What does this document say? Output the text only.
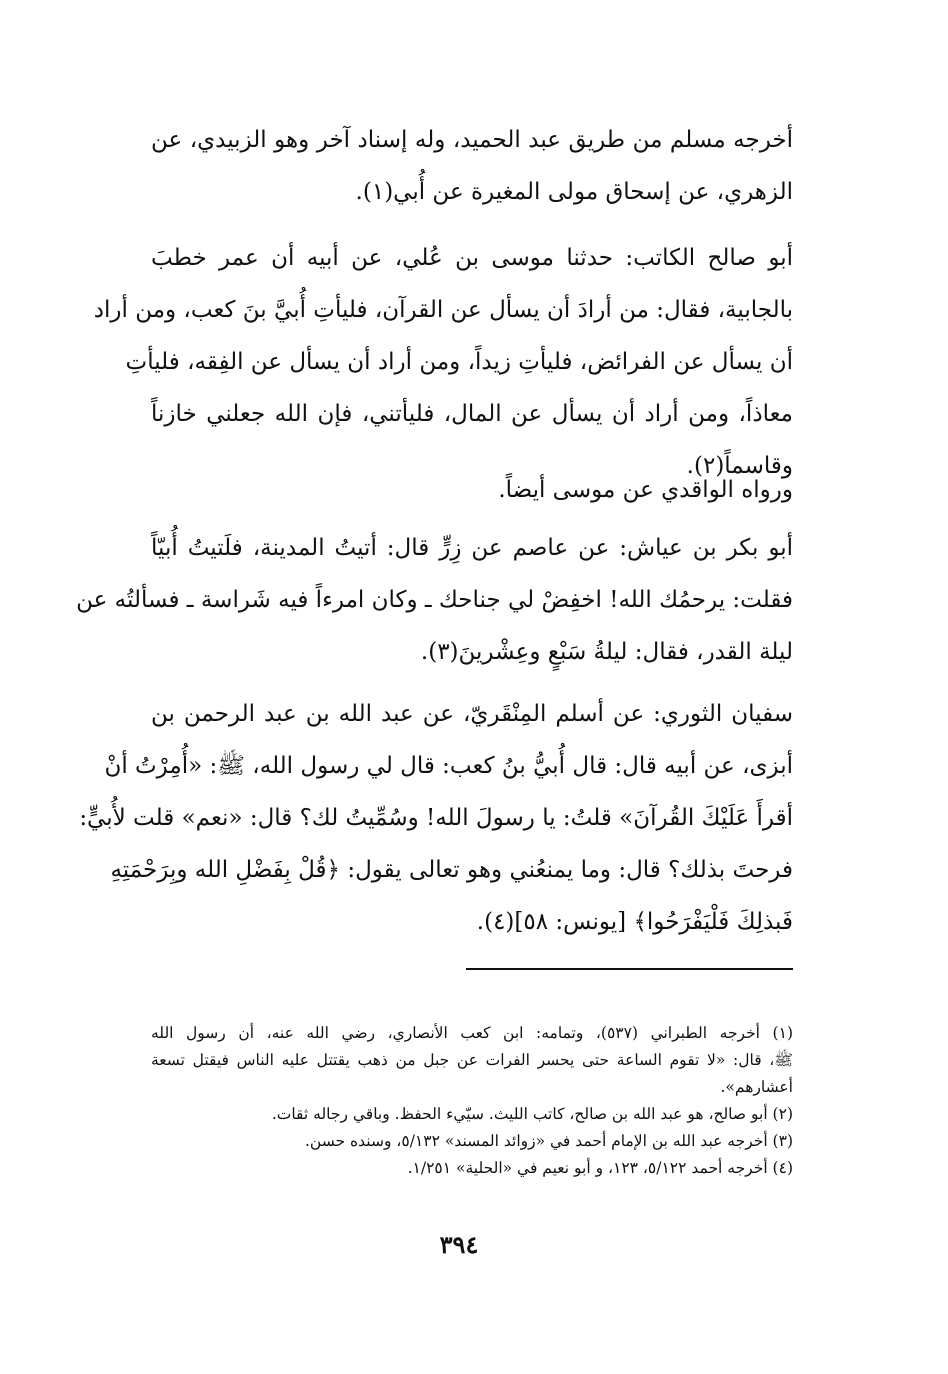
أخرجه مسلم من طريق عبد الحميد، وله إسناد آخر وهو الزبيدي، عن
الزهري، عن إسحاق مولى المغيرة عن أُبي(١).
أبو صالح الكاتب: حدثنا موسى بن عُلي، عن أبيه أن عمر خطبَ
بالجابية، فقال: من أرادَ أن يسأل عن القرآن، فليأتِ أُبيَّ بنَ كعب، ومن أراد
أن يسأل عن الفرائض، فليأتِ زيداً، ومن أراد أن يسأل عن الفِقه، فليأتِ
معاذاً، ومن أراد أن يسأل عن المال، فليأتني، فإن الله جعلني خازناً
وقاسماً(٢).
ورواه الواقدي عن موسى أيضاً.
أبو بكر بن عياش: عن عاصم عن زِرٍّ قال: أتيتُ المدينة، فلَتيتُ أُبيّاً
فقلت: يرحمُك الله! اخفِضْ لي جناحك ـ وكان امرءاً فيه شَراسة ـ فسألتُه عن
ليلة القدر، فقال: ليلةُ سَبْعٍ وعِشْرينَ(٣).
سفيان الثوري: عن أسلم المِنْقَريّ، عن عبد الله بن عبد الرحمن بن
أبزى، عن أبيه قال: قال أُبيُّ بنُ كعب: قال لي رسول الله، ﷺ: «أُمِرْتُ أنْ
أقرأَ عَلَيْكَ القُرآنَ» قلتُ: يا رسولَ الله! وسُمِّيتُ لك؟ قال: «نعم» قلت لأُبيٍّ:
فرحتَ بذلك؟ قال: وما يمنعُني وهو تعالى يقول: ﴿قُلْ بِفَضْلِ الله وبِرَحْمَتِهِ
فَبذلِكَ فَلْيَفْرَحُوا﴾ [يونس: ٥٨](٤).
(١) أخرجه الطبراني (٥٣٧)، وتمامه: ابن كعب الأنصاري، رضي الله عنه، أن رسول الله
ﷺ، قال: «لا تقوم الساعة حتى يحسر الفرات عن جبل من ذهب يقتتل عليه الناس فيقتل تسعة
أعشارهم».
(٢) أبو صالح، هو عبد الله بن صالح، كاتب الليث. سيّيء الحفظ. وباقي رجاله ثقات.
(٣) أخرجه عبد الله بن الإمام أحمد في «زوائد المسند» ٥/١٣٢، وسنده حسن.
(٤) أخرجه أحمد ٥/١٢٢، ١٢٣، و أبو نعيم في «الحلية» ١/٢٥١.
٣٩٤
